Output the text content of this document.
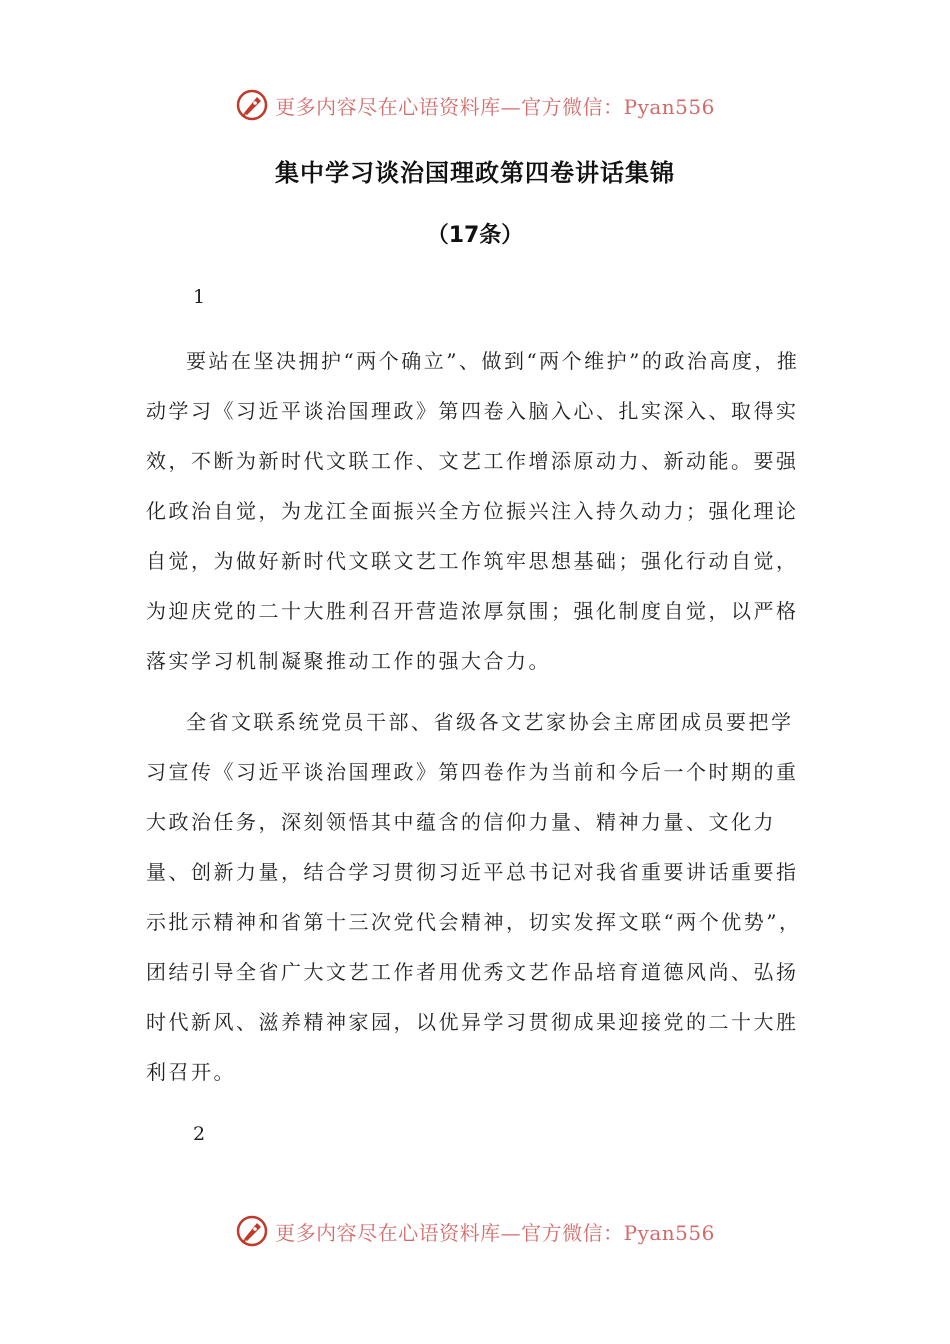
更多内容尽在心语资料库—官方微信：Pyan556
集中学习谈治国理政第四卷讲话集锦
（17条）
1

要站在坚决拥护“两个确立”、做到“两个维护”的政治高度，推动学习《习近平谈治国理政》第四卷入脑入心、扎实深入、取得实效，不断为新时代文联工作、文艺工作增添原动力、新动能。要强化政治自觉，为龙江全面振兴全方位振兴注入持久动力；强化理论自觉，为做好新时代文联文艺工作筑牢思想基础；强化行动自觉，为迎庆党的二十大胜利召开营造浓厚氛围；强化制度自觉，以严格落实学习机制凝聚推动工作的强大合力。

全省文联系统党员干部、省级各文艺家协会主席团成员要把学习宣传《习近平谈治国理政》第四卷作为当前和今后一个时期的重大政治任务，深刻领悟其中蕴含的信仰力量、精神力量、文化力量、创新力量，结合学习贯彻习近平总书记对我省重要讲话重要指示批示精神和省第十三次党代会精神，切实发挥文联“两个优势”，团结引导全省广大文艺工作者用优秀文艺作品培育道德风尚、弘扬时代新风、滋养精神家园，以优异学习贯彻成果迎接党的二十大胜利召开。

2
更多内容尽在心语资料库—官方微信：Pyan556
